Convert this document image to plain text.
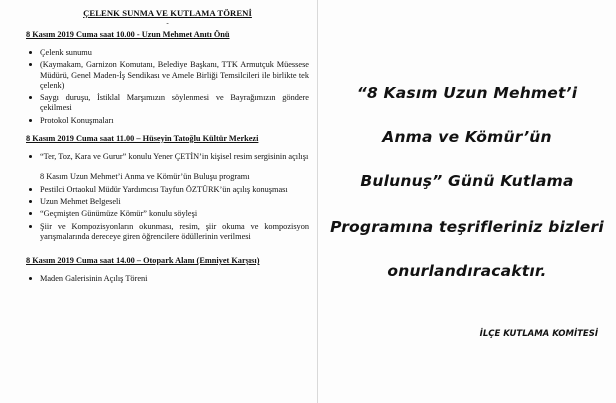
ÇELENK SUNMA VE KUTLAMA TÖRENİ
-
8 Kasım 2019 Cuma saat 10.00 - Uzun Mehmet Anıtı Önü
Çelenk sunumu
(Kaymakam, Garnizon Komutanı, Belediye Başkanı, TTK Armutçuk Müessese Müdürü, Genel Maden-İş Sendikası ve Amele Birliği Temsilcileri ile birlikte tek çelenk)
Saygı duruşu, İstiklal Marşımızın söylenmesi ve Bayrağımızın göndere çekilmesi
Protokol Konuşmaları
8 Kasım 2019 Cuma saat 11.00 – Hüseyin Tatoğlu Kültür Merkezi
“Ter, Toz, Kara ve Gurur” konulu Yener ÇETİN’in kişisel resim sergisinin açılışı
8 Kasım Uzun Mehmet’i Anma ve Kömür’ün Buluşu programı
Pestilci Ortaokul Müdür Yardımcısı Tayfun ÖZTÜRK’ün açılış konuşması
Uzun Mehmet Belgeseli
“Geçmişten Günümüze Kömür” konulu söyleşi
Şiir ve Kompozisyonların okunması, resim, şiir okuma ve kompozisyon yarışmalarında dereceye giren öğrencilere ödüllerinin verilmesi
8 Kasım 2019 Cuma saat 14.00 – Otopark Alanı (Emniyet Karşısı)
Maden Galerisinin Açılış Töreni
“8 Kasım Uzun Mehmet’i
Anma ve Kömür’ün
Bulunuş” Günü Kutlama
Programına teşrifleriniz bizleri
onurlandıracaktır.
İLÇE KUTLAMA KOMİTESİ
